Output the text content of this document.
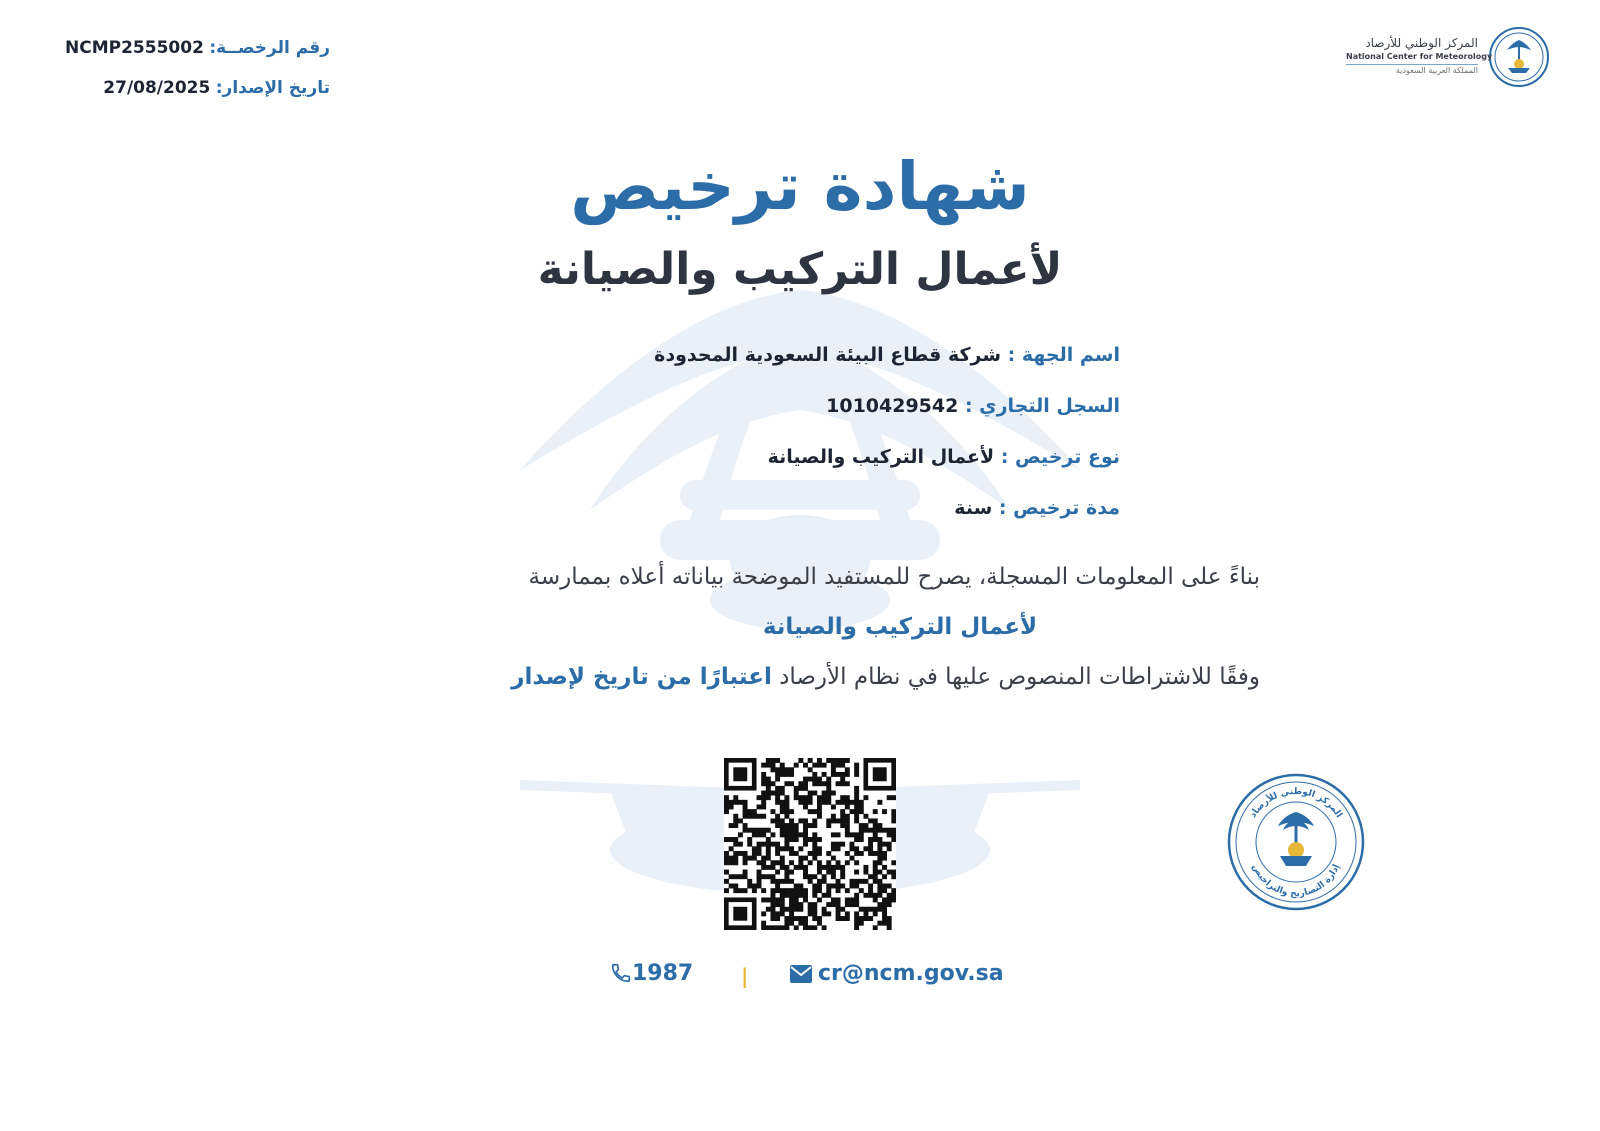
رقم الرخصــة: NCMP2555002
تاريخ الإصدار: 27/08/2025
المركز الوطني للأرصاد
National Center for Meteorology
المملكة العربية السعودية
شهادة ترخيص
لأعمال التركيب والصيانة
اسم الجهة : شركة قطاع البيئة السعودية المحدودة
السجل التجاري : 1010429542
نوع ترخيص : لأعمال التركيب والصيانة
مدة ترخيص : سنة
بناءً على المعلومات المسجلة، يصرح للمستفيد الموضحة بياناته أعلاه بممارسة
لأعمال التركيب والصيانة
وفقًا للاشتراطات المنصوص عليها في نظام الأرصاد اعتبارًا من تاريخ لإصدار
المركز الوطني للأرصاد
إدارة التصاريح والتراخيص
1987 |	cr@ncm.gov.sa
